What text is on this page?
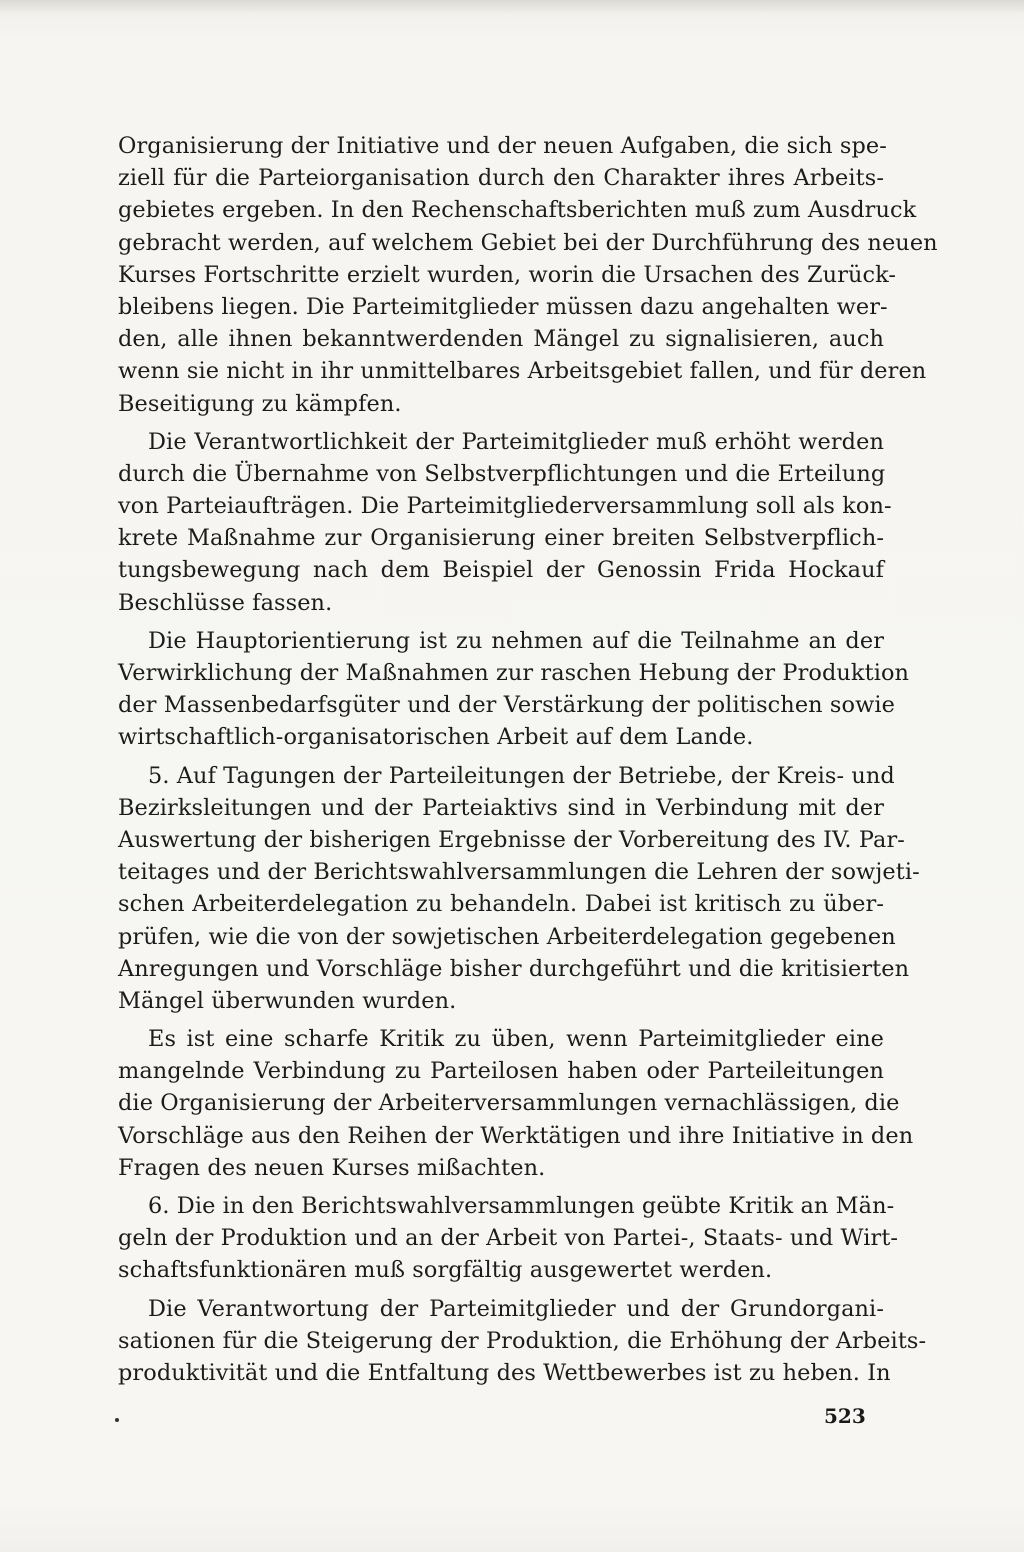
Organisierung der Initiative und der neuen Aufgaben, die sich spe-
ziell für die Parteiorganisation durch den Charakter ihres Arbeits-
gebietes ergeben. In den Rechenschaftsberichten muß zum Ausdruck
gebracht werden, auf welchem Gebiet bei der Durchführung des neuen
Kurses Fortschritte erzielt wurden, worin die Ursachen des Zurück-
bleibens liegen. Die Parteimitglieder müssen dazu angehalten wer-
den, alle ihnen bekanntwerdenden Mängel zu signalisieren, auch
wenn sie nicht in ihr unmittelbares Arbeitsgebiet fallen, und für deren
Beseitigung zu kämpfen.
Die Verantwortlichkeit der Parteimitglieder muß erhöht werden
durch die Übernahme von Selbstverpflichtungen und die Erteilung
von Parteiaufträgen. Die Parteimitgliederversammlung soll als kon-
krete Maßnahme zur Organisierung einer breiten Selbstverpflich-
tungsbewegung nach dem Beispiel der Genossin Frida Hockauf
Beschlüsse fassen.
Die Hauptorientierung ist zu nehmen auf die Teilnahme an der
Verwirklichung der Maßnahmen zur raschen Hebung der Produktion
der Massenbedarfsgüter und der Verstärkung der politischen sowie
wirtschaftlich-organisatorischen Arbeit auf dem Lande.
5. Auf Tagungen der Parteileitungen der Betriebe, der Kreis- und
Bezirksleitungen und der Parteiaktivs sind in Verbindung mit der
Auswertung der bisherigen Ergebnisse der Vorbereitung des IV. Par-
teitages und der Berichtswahlversammlungen die Lehren der sowjeti-
schen Arbeiterdelegation zu behandeln. Dabei ist kritisch zu über-
prüfen, wie die von der sowjetischen Arbeiterdelegation gegebenen
Anregungen und Vorschläge bisher durchgeführt und die kritisierten
Mängel überwunden wurden.
Es ist eine scharfe Kritik zu üben, wenn Parteimitglieder eine
mangelnde Verbindung zu Parteilosen haben oder Parteileitungen
die Organisierung der Arbeiterversammlungen vernachlässigen, die
Vorschläge aus den Reihen der Werktätigen und ihre Initiative in den
Fragen des neuen Kurses mißachten.
6. Die in den Berichtswahlversammlungen geübte Kritik an Män-
geln der Produktion und an der Arbeit von Partei-, Staats- und Wirt-
schaftsfunktionären muß sorgfältig ausgewertet werden.
Die Verantwortung der Parteimitglieder und der Grundorgani-
sationen für die Steigerung der Produktion, die Erhöhung der Arbeits-
produktivität und die Entfaltung des Wettbewerbes ist zu heben. In
523
